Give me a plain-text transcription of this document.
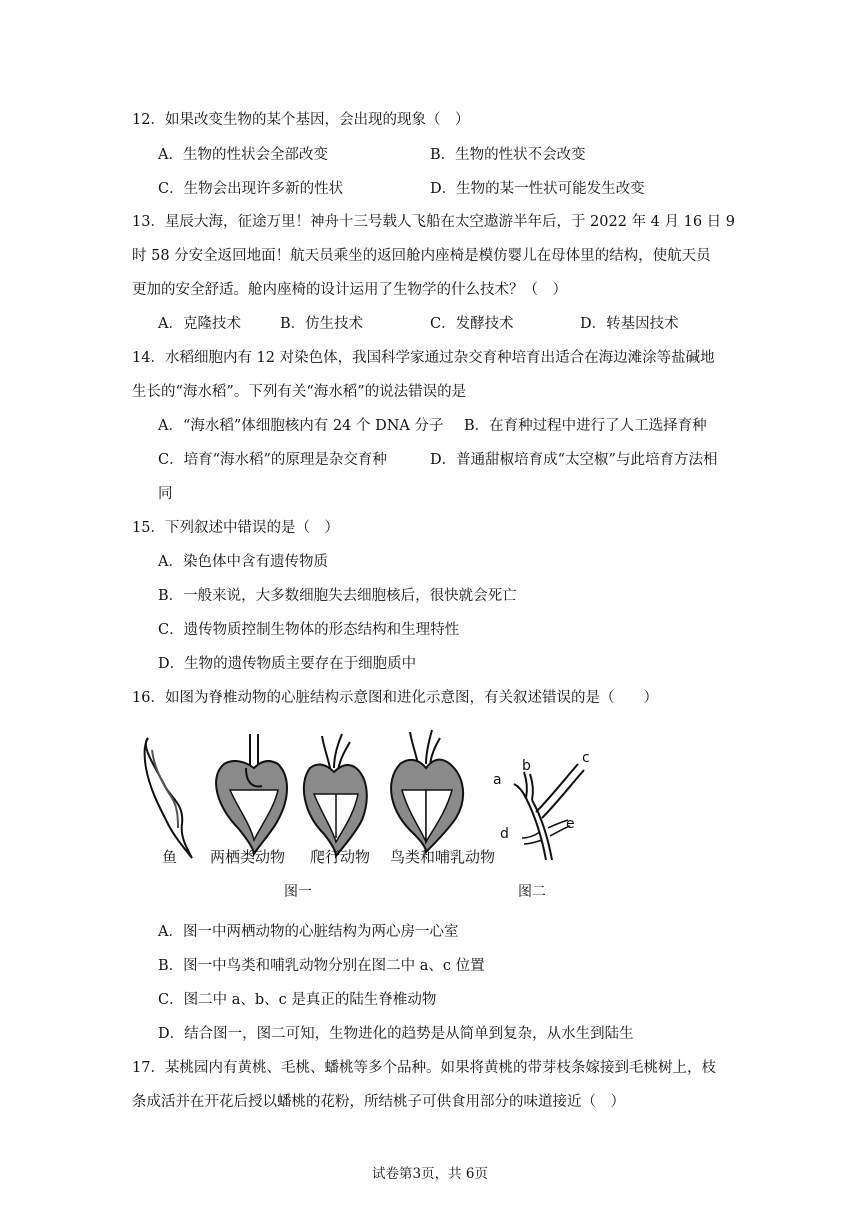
12．如果改变生物的某个基因，会出现的现象（　）
A．生物的性状会全部改变	B．生物的性状不会改变
C．生物会出现许多新的性状	D．生物的某一性状可能发生改变
13．星辰大海，征途万里！神舟十三号载人飞船在太空遨游半年后，于 2022 年 4 月 16 日 9
时 58 分安全返回地面！航天员乘坐的返回舱内座椅是模仿婴儿在母体里的结构，使航天员
更加的安全舒适。舱内座椅的设计运用了生物学的什么技术？（　）
A．克隆技术	B．仿生技术	C．发酵技术	D．转基因技术
14．水稻细胞内有 12 对染色体，我国科学家通过杂交育种培育出适合在海边滩涂等盐碱地
生长的“海水稻”。下列有关“海水稻”的说法错误的是
A．“海水稻”体细胞核内有 24 个 DNA 分子 B．在育种过程中进行了人工选择育种
C．培育“海水稻”的原理是杂交育种	D．普通甜椒培育成“太空椒”与此培育方法相
同
15．下列叙述中错误的是（　）
A．染色体中含有遗传物质
B．一般来说，大多数细胞失去细胞核后，很快就会死亡
C．遗传物质控制生物体的形态结构和生理特性
D．生物的遗传物质主要存在于细胞质中
16．如图为脊椎动物的心脏结构示意图和进化示意图，有关叙述错误的是（　　）
a
b	c
d
e
鱼 两栖类动物 爬行动物 鸟类和哺乳动物
图一	图二
A．图一中两栖动物的心脏结构为两心房一心室
B．图一中鸟类和哺乳动物分别在图二中 a、c 位置
C．图二中 a、b、c 是真正的陆生脊椎动物
D．结合图一，图二可知，生物进化的趋势是从简单到复杂，从水生到陆生
17．某桃园内有黄桃、毛桃、蟠桃等多个品种。如果将黄桃的带芽枝条嫁接到毛桃树上，枝
条成活并在开花后授以蟠桃的花粉，所结桃子可供食用部分的味道接近（　）
试卷第3页，共 6页
